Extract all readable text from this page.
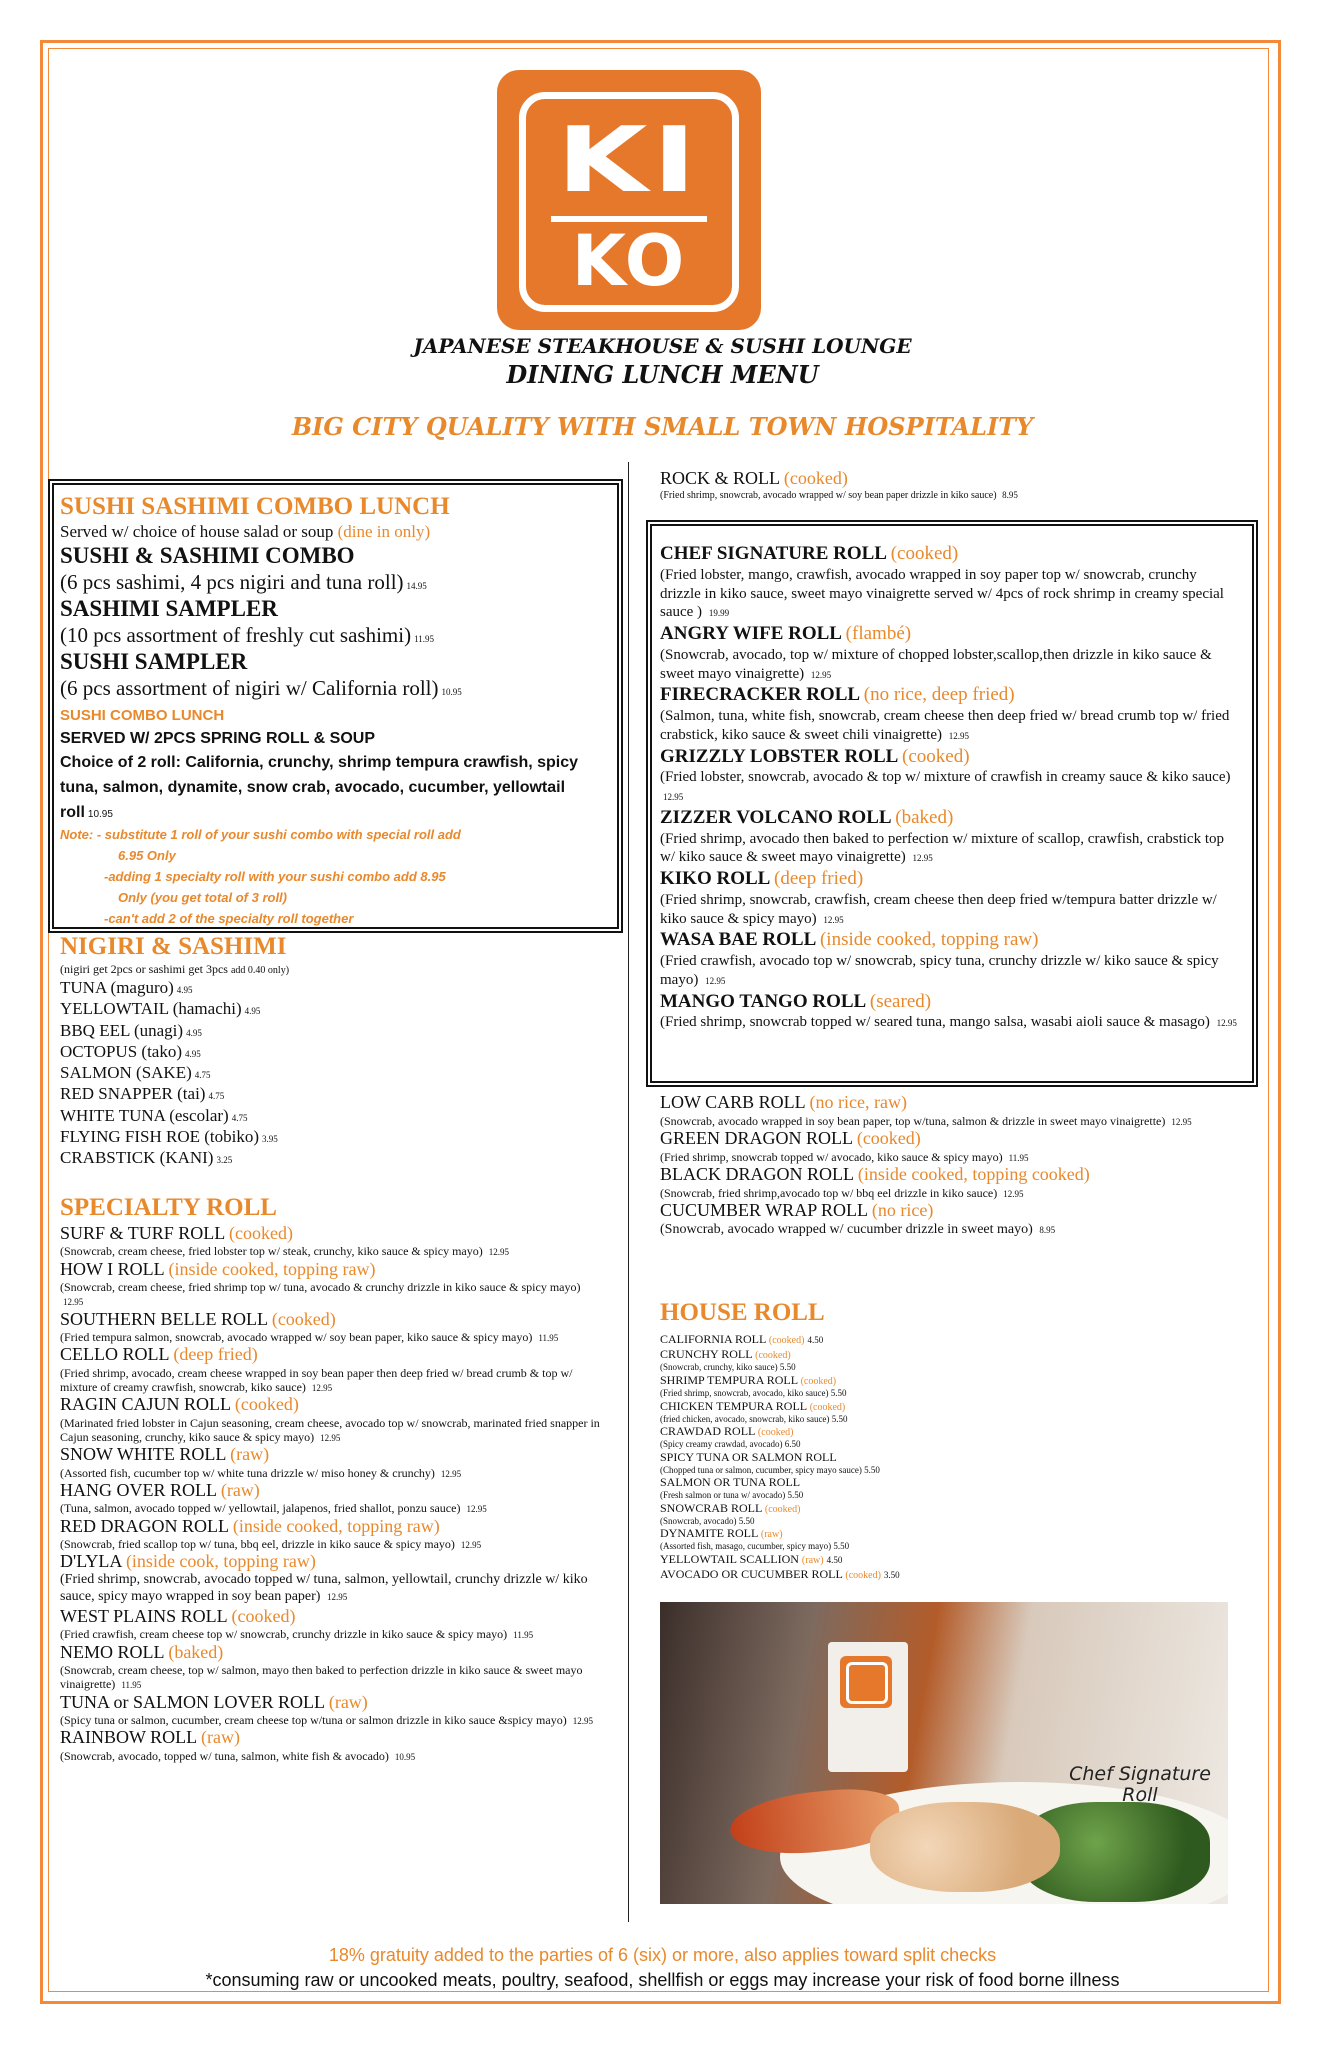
KI
KO
JAPANESE STEAKHOUSE & SUSHI LOUNGE
DINING LUNCH MENU
BIG CITY QUALITY WITH SMALL TOWN HOSPITALITY
SUSHI SASHIMI COMBO LUNCH
Served w/ choice of house salad or soup (dine in only)
SUSHI & SASHIMI COMBO
(6 pcs sashimi, 4 pcs nigiri and tuna roll) 14.95
SASHIMI SAMPLER
(10 pcs assortment of freshly cut sashimi) 11.95
SUSHI SAMPLER
(6 pcs assortment of nigiri w/ California roll) 10.95
SUSHI COMBO LUNCH
SERVED W/ 2PCS SPRING ROLL & SOUP
Choice of 2 roll: California, crunchy, shrimp tempura crawfish, spicy tuna, salmon, dynamite, snow crab, avocado, cucumber, yellowtail roll 10.95
Note: - substitute 1 roll of your sushi combo with special roll add
6.95 Only
-adding 1 specialty roll with your sushi combo add 8.95
Only (you get total of 3 roll)
-can't add 2 of the specialty roll together
NIGIRI & SASHIMI
(nigiri get 2pcs or sashimi get 3pcs add 0.40 only)
TUNA (maguro) 4.95
YELLOWTAIL (hamachi) 4.95
BBQ EEL (unagi) 4.95
OCTOPUS (tako) 4.95
SALMON (SAKE) 4.75
RED SNAPPER (tai) 4.75
WHITE TUNA (escolar) 4.75
FLYING FISH ROE (tobiko) 3.95
CRABSTICK (KANI) 3.25
SPECIALTY ROLL
SURF & TURF ROLL (cooked)
(Snowcrab, cream cheese, fried lobster top w/ steak, crunchy, kiko sauce & spicy mayo) 12.95
HOW I ROLL (inside cooked, topping raw)
(Snowcrab, cream cheese, fried shrimp top w/ tuna, avocado & crunchy drizzle in kiko sauce & spicy mayo) 12.95
SOUTHERN BELLE ROLL (cooked)
(Fried tempura salmon, snowcrab, avocado wrapped w/ soy bean paper, kiko sauce & spicy mayo) 11.95
CELLO ROLL (deep fried)
(Fried shrimp, avocado, cream cheese wrapped in soy bean paper then deep fried w/ bread crumb & top w/ mixture of creamy crawfish, snowcrab, kiko sauce) 12.95
RAGIN CAJUN ROLL (cooked)
(Marinated fried lobster in Cajun seasoning, cream cheese, avocado top w/ snowcrab, marinated fried snapper in Cajun seasoning, crunchy, kiko sauce & spicy mayo) 12.95
SNOW WHITE ROLL (raw)
(Assorted fish, cucumber top w/ white tuna drizzle w/ miso honey & crunchy) 12.95
HANG OVER ROLL (raw)
(Tuna, salmon, avocado topped w/ yellowtail, jalapenos, fried shallot, ponzu sauce) 12.95
RED DRAGON ROLL (inside cooked, topping raw)
(Snowcrab, fried scallop top w/ tuna, bbq eel, drizzle in kiko sauce & spicy mayo) 12.95
D'LYLA (inside cook, topping raw)
(Fried shrimp, snowcrab, avocado topped w/ tuna, salmon, yellowtail, crunchy drizzle w/ kiko sauce, spicy mayo wrapped in soy bean paper) 12.95
WEST PLAINS ROLL (cooked)
(Fried crawfish, cream cheese top w/ snowcrab, crunchy drizzle in kiko sauce & spicy mayo) 11.95
NEMO ROLL (baked)
(Snowcrab, cream cheese, top w/ salmon, mayo then baked to perfection drizzle in kiko sauce & sweet mayo vinaigrette) 11.95
TUNA or SALMON LOVER ROLL (raw)
(Spicy tuna or salmon, cucumber, cream cheese top w/tuna or salmon drizzle in kiko sauce &spicy mayo) 12.95
RAINBOW ROLL (raw)
(Snowcrab, avocado, topped w/ tuna, salmon, white fish & avocado) 10.95
ROCK & ROLL (cooked)
(Fried shrimp, snowcrab, avocado wrapped w/ soy bean paper drizzle in kiko sauce) 8.95
CHEF SIGNATURE ROLL (cooked)
(Fried lobster, mango, crawfish, avocado wrapped in soy paper top w/ snowcrab, crunchy drizzle in kiko sauce, sweet mayo vinaigrette served w/ 4pcs of rock shrimp in creamy special sauce ) 19.99
ANGRY WIFE ROLL (flambé)
(Snowcrab, avocado, top w/ mixture of chopped lobster,scallop,then drizzle in kiko sauce & sweet mayo vinaigrette) 12.95
FIRECRACKER ROLL (no rice, deep fried)
(Salmon, tuna, white fish, snowcrab, cream cheese then deep fried w/ bread crumb top w/ fried crabstick, kiko sauce & sweet chili vinaigrette) 12.95
GRIZZLY LOBSTER ROLL (cooked)
(Fried lobster, snowcrab, avocado & top w/ mixture of crawfish in creamy sauce & kiko sauce) 12.95
ZIZZER VOLCANO ROLL (baked)
(Fried shrimp, avocado then baked to perfection w/ mixture of scallop, crawfish, crabstick top w/ kiko sauce & sweet mayo vinaigrette) 12.95
KIKO ROLL (deep fried)
(Fried shrimp, snowcrab, crawfish, cream cheese then deep fried w/tempura batter drizzle w/ kiko sauce & spicy mayo) 12.95
WASA BAE ROLL (inside cooked, topping raw)
(Fried crawfish, avocado top w/ snowcrab, spicy tuna, crunchy drizzle w/ kiko sauce & spicy mayo) 12.95
MANGO TANGO ROLL (seared)
(Fried shrimp, snowcrab topped w/ seared tuna, mango salsa, wasabi aioli sauce & masago) 12.95
LOW CARB ROLL (no rice, raw)
(Snowcrab, avocado wrapped in soy bean paper, top w/tuna, salmon & drizzle in sweet mayo vinaigrette) 12.95
GREEN DRAGON ROLL (cooked)
(Fried shrimp, snowcrab topped w/ avocado, kiko sauce & spicy mayo) 11.95
BLACK DRAGON ROLL (inside cooked, topping cooked)
(Snowcrab, fried shrimp,avocado top w/ bbq eel drizzle in kiko sauce) 12.95
CUCUMBER WRAP ROLL (no rice)
(Snowcrab, avocado wrapped w/ cucumber drizzle in sweet mayo) 8.95
HOUSE ROLL
CALIFORNIA ROLL (cooked) 4.50
CRUNCHY ROLL (cooked)
(Snowcrab, crunchy, kiko sauce) 5.50
SHRIMP TEMPURA ROLL (cooked)
(Fried shrimp, snowcrab, avocado, kiko sauce) 5.50
CHICKEN TEMPURA ROLL (cooked)
(fried chicken, avocado, snowcrab, kiko sauce) 5.50
CRAWDAD ROLL (cooked)
(Spicy creamy crawdad, avocado) 6.50
SPICY TUNA OR SALMON ROLL
(Chopped tuna or salmon, cucumber, spicy mayo sauce) 5.50
SALMON OR TUNA ROLL
(Fresh salmon or tuna w/ avocado) 5.50
SNOWCRAB ROLL (cooked)
(Snowcrab, avocado) 5.50
DYNAMITE ROLL (raw)
(Assorted fish, masago, cucumber, spicy mayo) 5.50
YELLOWTAIL SCALLION (raw) 4.50
AVOCADO OR CUCUMBER ROLL (cooked) 3.50
Chef Signature Roll
18% gratuity added to the parties of 6 (six) or more, also applies toward split checks
*consuming raw or uncooked meats, poultry, seafood, shellfish or eggs may increase your risk of food borne illness
